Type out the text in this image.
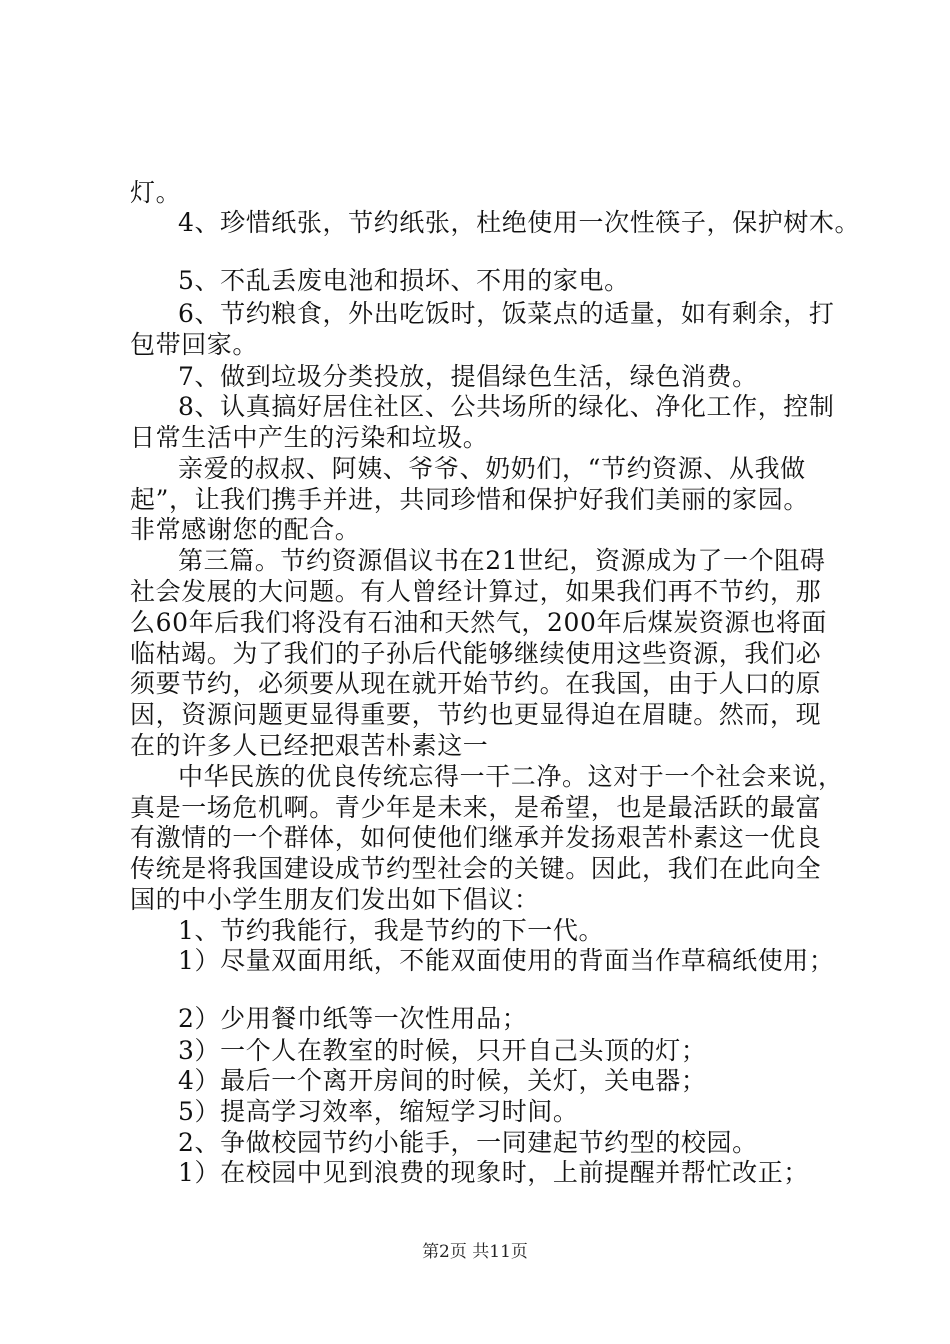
灯。
4、珍惜纸张，节约纸张，杜绝使用一次性筷子，保护树木。
5、不乱丢废电池和损坏、不用的家电。
6、节约粮食，外出吃饭时，饭菜点的适量，如有剩余，打
包带回家。
7、做到垃圾分类投放，提倡绿色生活，绿色消费。
8、认真搞好居住社区、公共场所的绿化、净化工作，控制
日常生活中产生的污染和垃圾。
亲爱的叔叔、阿姨、爷爷、奶奶们，“节约资源、从我做
起”，让我们携手并进，共同珍惜和保护好我们美丽的家园。
非常感谢您的配合。
第三篇。节约资源倡议书在21世纪，资源成为了一个阻碍
社会发展的大问题。有人曾经计算过，如果我们再不节约，那
么60年后我们将没有石油和天然气，200年后煤炭资源也将面
临枯竭。为了我们的子孙后代能够继续使用这些资源，我们必
须要节约，必须要从现在就开始节约。在我国，由于人口的原
因，资源问题更显得重要，节约也更显得迫在眉睫。然而，现
在的许多人已经把艰苦朴素这一
中华民族的优良传统忘得一干二净。这对于一个社会来说，
真是一场危机啊。青少年是未来，是希望，也是最活跃的最富
有激情的一个群体，如何使他们继承并发扬艰苦朴素这一优良
传统是将我国建设成节约型社会的关键。因此，我们在此向全
国的中小学生朋友们发出如下倡议：
1、节约我能行，我是节约的下一代。
1）尽量双面用纸，不能双面使用的背面当作草稿纸使用；
2）少用餐巾纸等一次性用品；
3）一个人在教室的时候，只开自己头顶的灯；
4）最后一个离开房间的时候，关灯，关电器；
5）提高学习效率，缩短学习时间。
2、争做校园节约小能手，一同建起节约型的校园。
1）在校园中见到浪费的现象时，上前提醒并帮忙改正；
第2页 共11页
